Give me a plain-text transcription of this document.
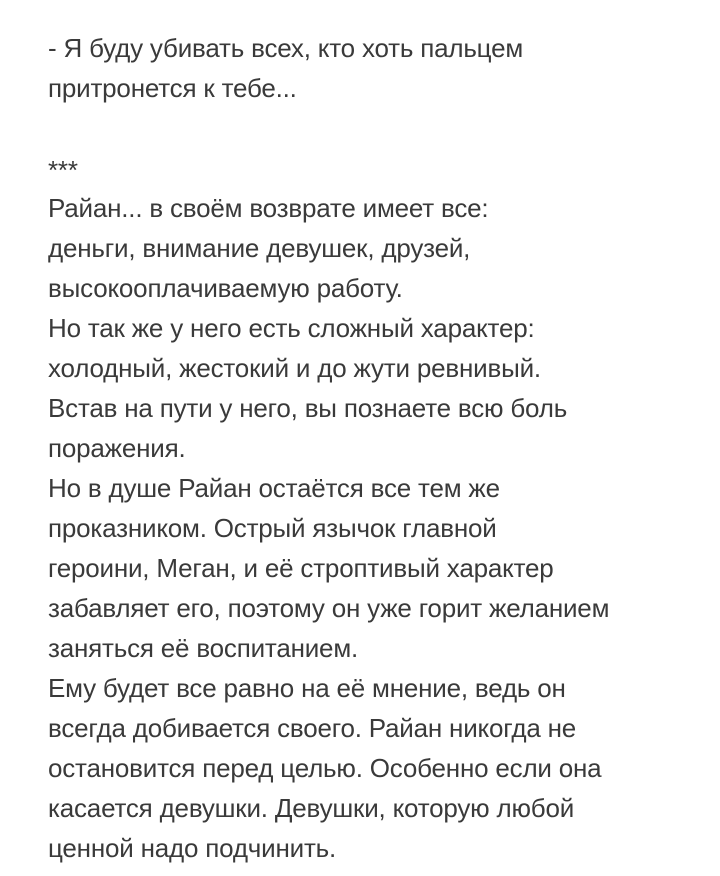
- Я буду убивать всех, кто хоть пальцем
притронется к тебе...
***
Райан... в своём возврате имеет все:
деньги, внимание девушек, друзей,
высокооплачиваемую работу.
Но так же у него есть сложный характер:
холодный, жестокий и до жути ревнивый.
Встав на пути у него, вы познаете всю боль
поражения.
Но в душе Райан остаётся все тем же
проказником. Острый язычок главной
героини, Меган, и её строптивый характер
забавляет его, поэтому он уже горит желанием
заняться её воспитанием.
Ему будет все равно на её мнение, ведь он
всегда добивается своего. Райан никогда не
остановится перед целью. Особенно если она
касается девушки. Девушки, которую любой
ценной надо подчинить.
